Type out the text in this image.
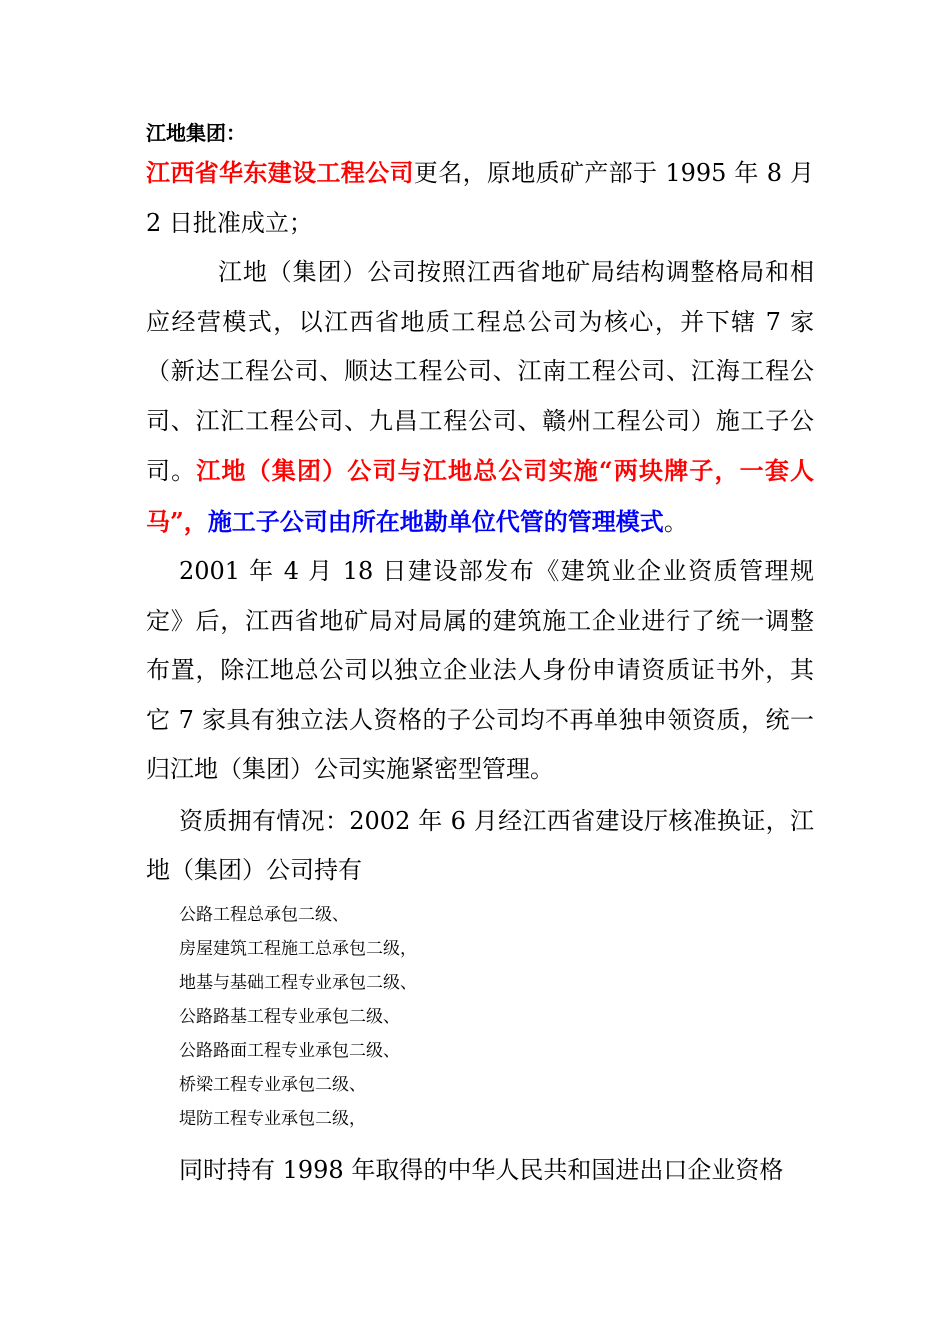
江地集团：

江西省华东建设工程公司更名，原地质矿产部于 1995 年 8 月 2 日批准成立；

江地（集团）公司按照江西省地矿局结构调整格局和相应经营模式，以江西省地质工程总公司为核心，并下辖 7 家（新达工程公司、顺达工程公司、江南工程公司、江海工程公司、江汇工程公司、九昌工程公司、赣州工程公司）施工子公司。江地（集团）公司与江地总公司实施“两块牌子，一套人马”，施工子公司由所在地勘单位代管的管理模式。

2001 年 4 月 18 日建设部发布《建筑业企业资质管理规定》后，江西省地矿局对局属的建筑施工企业进行了统一调整布置，除江地总公司以独立企业法人身份申请资质证书外，其它 7 家具有独立法人资格的子公司均不再单独申领资质，统一归江地（集团）公司实施紧密型管理。

资质拥有情况：2002 年 6 月经江西省建设厅核准换证，江地（集团）公司持有

公路工程总承包二级、
房屋建筑工程施工总承包二级，
地基与基础工程专业承包二级、
公路路基工程专业承包二级、
公路路面工程专业承包二级、
桥梁工程专业承包二级、
堤防工程专业承包二级，

同时持有 1998 年取得的中华人民共和国进出口企业资格
